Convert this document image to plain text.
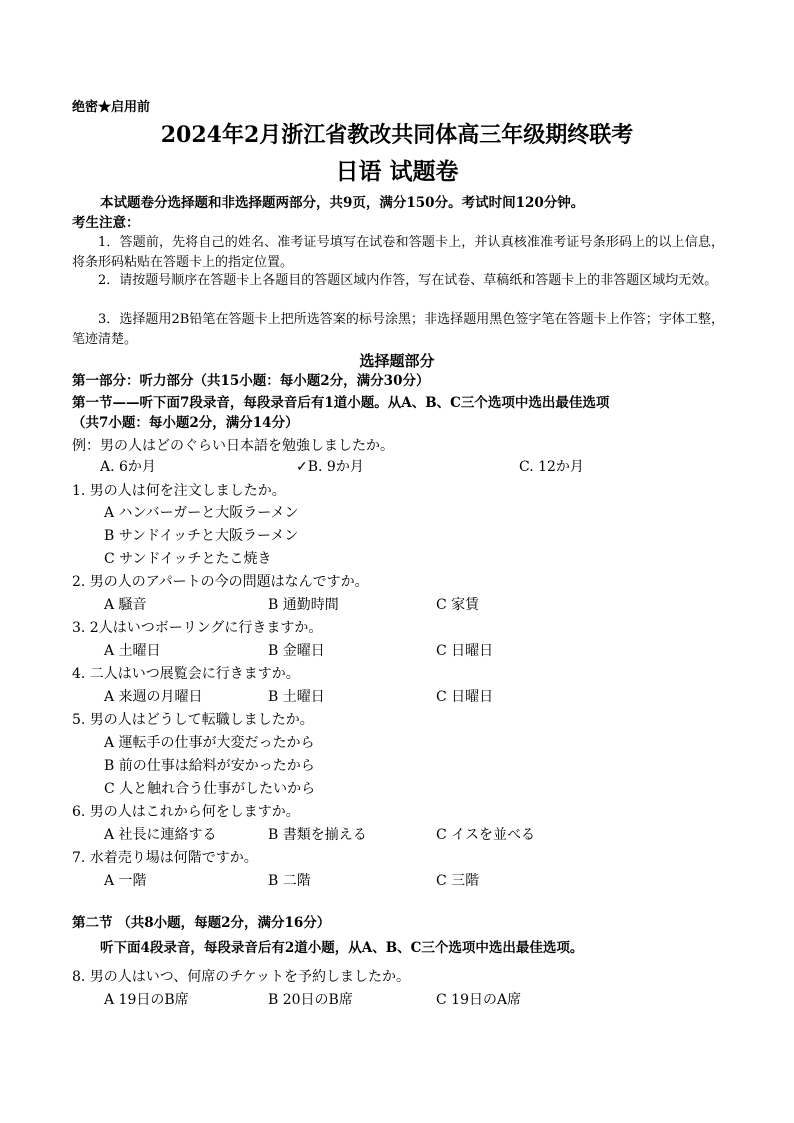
绝密★启用前
2024年2月浙江省教改共同体高三年级期终联考
日语 试题卷
本试题卷分选择题和非选择题两部分，共9页，满分150分。考试时间120分钟。
考生注意：
1．答题前，先将自己的姓名、准考证号填写在试卷和答题卡上，并认真核准准考证号条形码上的以上信息，将条形码粘贴在答题卡上的指定位置。
2．请按题号顺序在答题卡上各题目的答题区域内作答，写在试卷、草稿纸和答题卡上的非答题区域均无效。
3．选择题用2B铅笔在答题卡上把所选答案的标号涂黑；非选择题用黑色签字笔在答题卡上作答；字体工整，笔迹清楚。
选择题部分
第一部分：听力部分（共15小题：每小题2分，满分30分）
第一节——听下面7段录音，每段录音后有1道小题。从A、B、C三个选项中选出最佳选项
（共7小题：每小题2分，满分14分）
例：男の人はどのぐらい日本語を勉強しましたか。
A. 6か月	✓B. 9か月	C. 12か月
1. 男の人は何を注文しましたか。
A ハンバーガーと大阪ラーメン
B サンドイッチと大阪ラーメン
C サンドイッチとたこ焼き
2. 男の人のアパートの今の問題はなんですか。
A 騒音	B 通勤時間	C 家賃
3. 2人はいつボーリングに行きますか。
A 土曜日	B 金曜日	C 日曜日
4. 二人はいつ展覧会に行きますか。
A 来週の月曜日	B 土曜日	C 日曜日
5. 男の人はどうして転職しましたか。
A 運転手の仕事が大変だったから
B 前の仕事は給料が安かったから
C 人と触れ合う仕事がしたいから
6. 男の人はこれから何をしますか。
A 社長に連絡する	B 書類を揃える	C イスを並べる
7. 水着売り場は何階ですか。
A 一階	B 二階	C 三階
第二节 （共8小题，每题2分，满分16分）
听下面4段录音，每段录音后有2道小题，从A、B、C三个选项中选出最佳选项。
8. 男の人はいつ、何席のチケットを予約しましたか。
A 19日のB席	B 20日のB席	C 19日のA席
